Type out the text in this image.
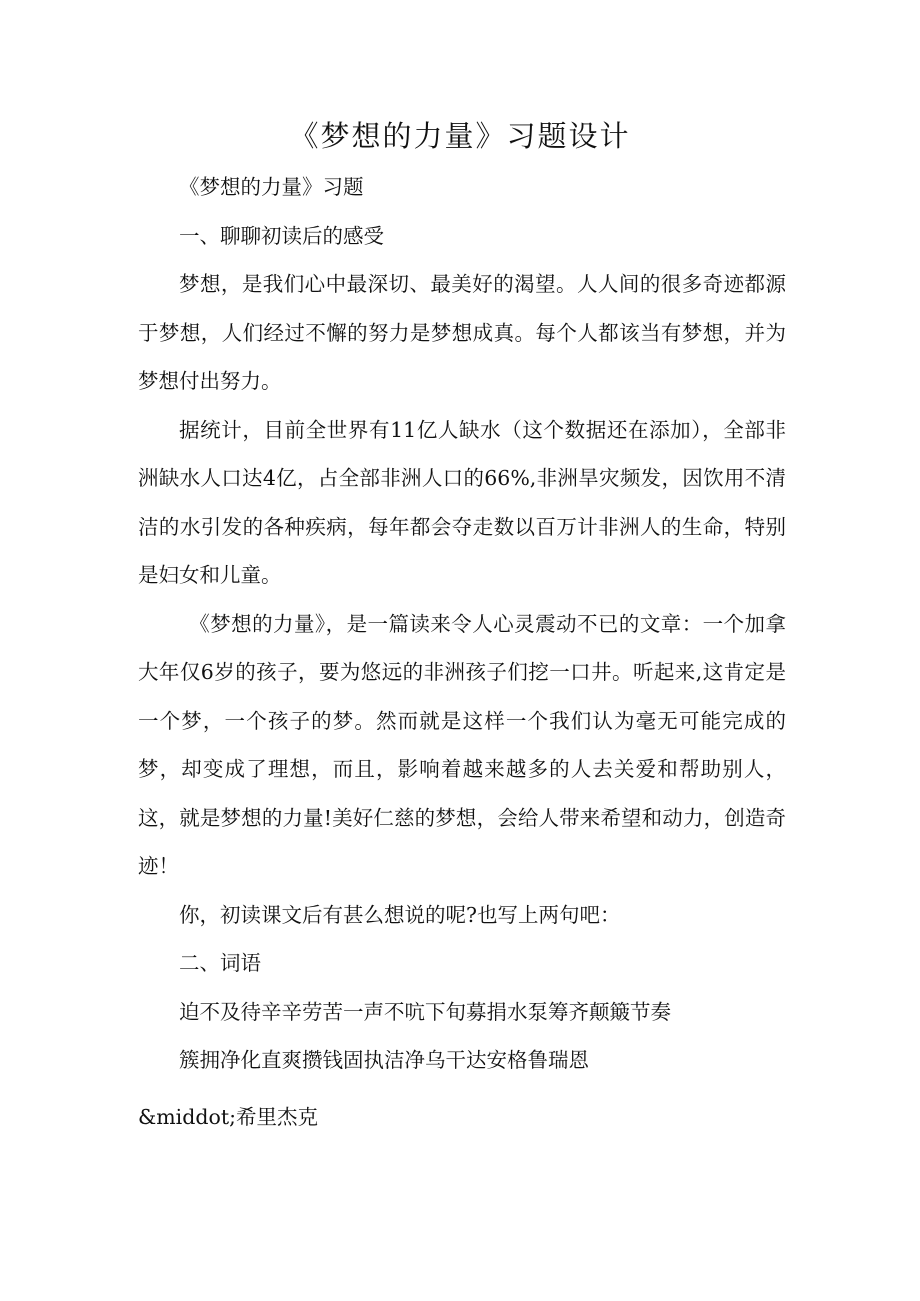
《梦想的力量》习题设计

《梦想的力量》习题

一、聊聊初读后的感受

梦想，是我们心中最深切、最美好的渴望。人人间的很多奇迹都源于梦想，人们经过不懈的努力是梦想成真。每个人都该当有梦想，并为梦想付出努力。

据统计，目前全世界有11亿人缺水（这个数据还在添加），全部非洲缺水人口达4亿，占全部非洲人口的66%,非洲旱灾频发，因饮用不清洁的水引发的各种疾病，每年都会夺走数以百万计非洲人的生命，特别是妇女和儿童。

《梦想的力量》，是一篇读来令人心灵震动不已的文章：一个加拿大年仅6岁的孩子，要为悠远的非洲孩子们挖一口井。听起来,这肯定是一个梦，一个孩子的梦。然而就是这样一个我们认为毫无可能完成的梦，却变成了理想，而且，影响着越来越多的人去关爱和帮助别人，这，就是梦想的力量!美好仁慈的梦想，会给人带来希望和动力，创造奇迹！

你，初读课文后有甚么想说的呢?也写上两句吧：

二、词语

迫不及待辛辛劳苦一声不吭下旬募捐水泵筹齐颠簸节奏

簇拥净化直爽攒钱固执洁净乌干达安格鲁瑞恩

&middot;希里杰克
